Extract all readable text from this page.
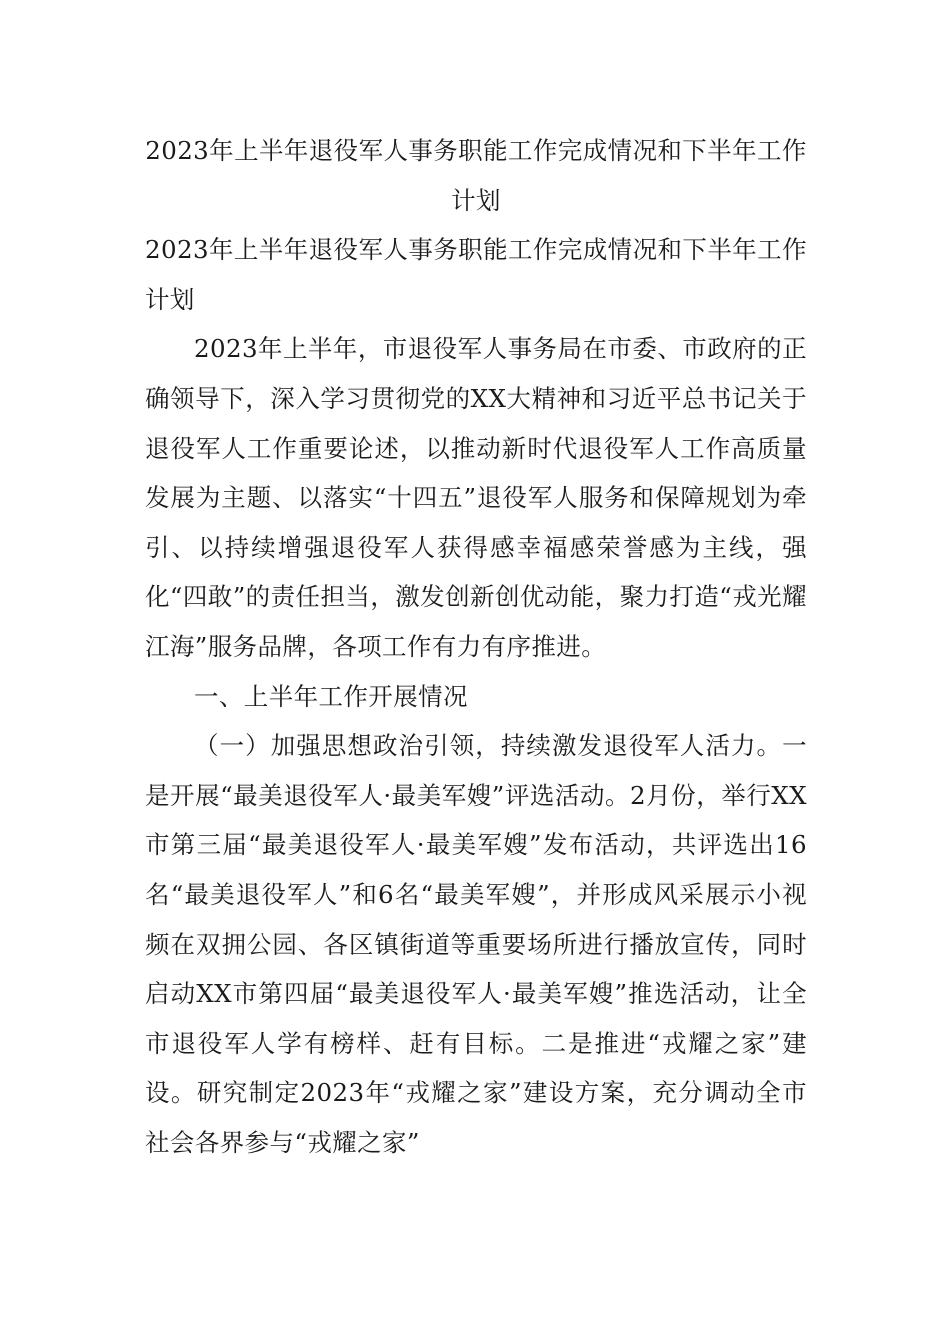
2023年上半年退役军人事务职能工作完成情况和下半年工作计划

2023年上半年退役军人事务职能工作完成情况和下半年工作计划

2023年上半年，市退役军人事务局在市委、市政府的正确领导下，深入学习贯彻党的XX大精神和习近平总书记关于退役军人工作重要论述，以推动新时代退役军人工作高质量发展为主题、以落实“十四五”退役军人服务和保障规划为牵引、以持续增强退役军人获得感幸福感荣誉感为主线，强化“四敢”的责任担当，激发创新创优动能，聚力打造“戎光耀江海”服务品牌，各项工作有力有序推进。

一、上半年工作开展情况

（一）加强思想政治引领，持续激发退役军人活力。一是开展“最美退役军人·最美军嫂”评选活动。2月份，举行XX市第三届“最美退役军人·最美军嫂”发布活动，共评选出16名“最美退役军人”和6名“最美军嫂”，并形成风采展示小视频在双拥公园、各区镇街道等重要场所进行播放宣传，同时启动XX市第四届“最美退役军人·最美军嫂”推选活动，让全市退役军人学有榜样、赶有目标。二是推进“戎耀之家”建设。研究制定2023年“戎耀之家”建设方案，充分调动全市社会各界参与“戎耀之家”
